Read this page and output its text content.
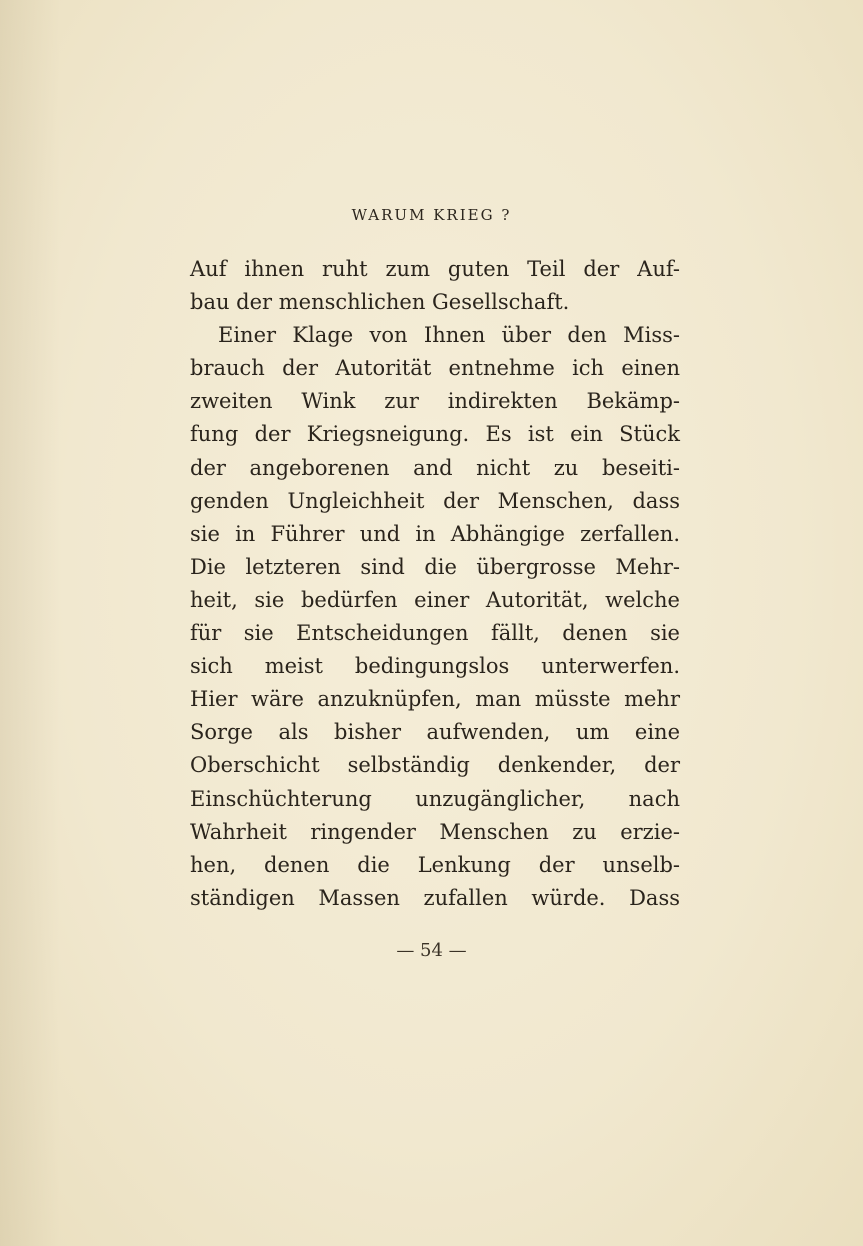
WARUM KRIEG ?
Auf ihnen ruht zum guten Teil der Auf-
bau der menschlichen Gesellschaft.
Einer Klage von Ihnen über den Miss-
brauch der Autorität entnehme ich einen
zweiten Wink zur indirekten Bekämp-
fung der Kriegsneigung. Es ist ein Stück
der angeborenen and nicht zu beseiti-
genden Ungleichheit der Menschen, dass
sie in Führer und in Abhängige zerfallen.
Die letzteren sind die übergrosse Mehr-
heit, sie bedürfen einer Autorität, welche
für sie Entscheidungen fällt, denen sie
sich meist bedingungslos unterwerfen.
Hier wäre anzuknüpfen, man müsste mehr
Sorge als bisher aufwenden, um eine
Oberschicht selbständig denkender, der
Einschüchterung unzugänglicher, nach
Wahrheit ringender Menschen zu erzie-
hen, denen die Lenkung der unselb-
ständigen Massen zufallen würde. Dass
— 54 —
